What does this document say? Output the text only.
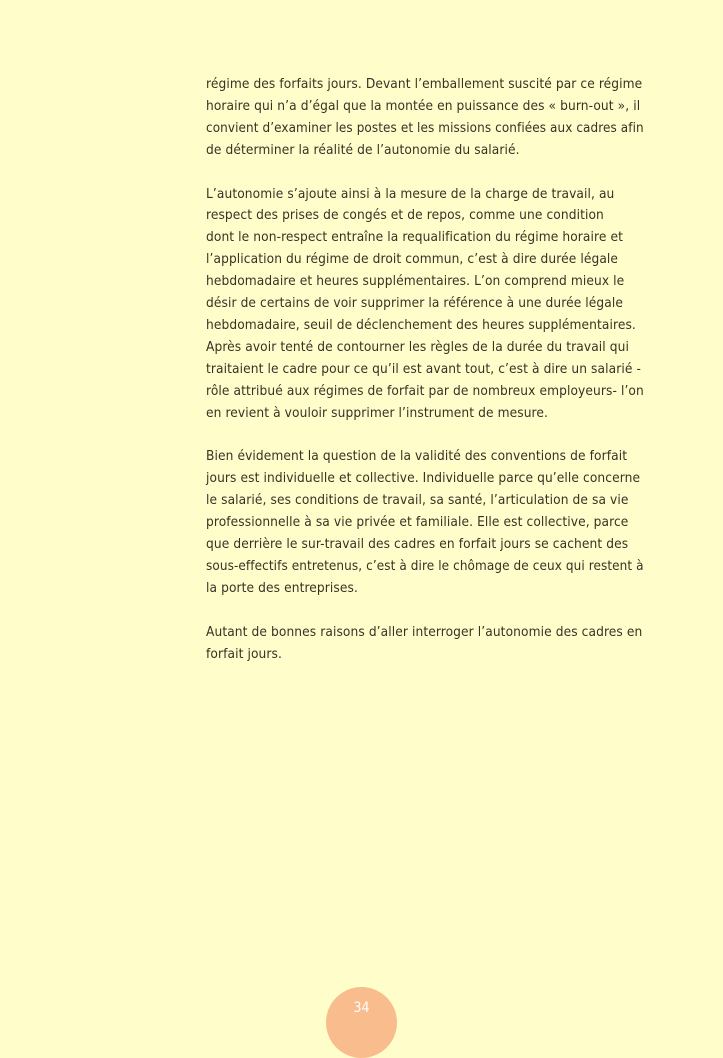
régime des forfaits jours. Devant l’emballement suscité par ce régime
horaire qui n’a d’égal que la montée en puissance des « burn-out », il
convient d’examiner les postes et les missions confiées aux cadres afin
de déterminer la réalité de l’autonomie du salarié.

L’autonomie s’ajoute ainsi à la mesure de la charge de travail, au
respect des prises de congés et de repos, comme une condition
dont le non-respect entraîne la requalification du régime horaire et
l’application du régime de droit commun, c’est à dire durée légale
hebdomadaire et heures supplémentaires. L’on comprend mieux le
désir de certains de voir supprimer la référence à une durée légale
hebdomadaire, seuil de déclenchement des heures supplémentaires.
Après avoir tenté de contourner les règles de la durée du travail qui
traitaient le cadre pour ce qu’il est avant tout, c’est à dire un salarié -
rôle attribué aux régimes de forfait par de nombreux employeurs- l’on
en revient à vouloir supprimer l’instrument de mesure.

Bien évidement la question de la validité des conventions de forfait
jours est individuelle et collective. Individuelle parce qu’elle concerne
le salarié, ses conditions de travail, sa santé, l’articulation de sa vie
professionnelle à sa vie privée et familiale. Elle est collective, parce
que derrière le sur-travail des cadres en forfait jours se cachent des
sous-effectifs entretenus, c’est à dire le chômage de ceux qui restent à
la porte des entreprises.

Autant de bonnes raisons d’aller interroger l’autonomie des cadres en
forfait jours.

34
